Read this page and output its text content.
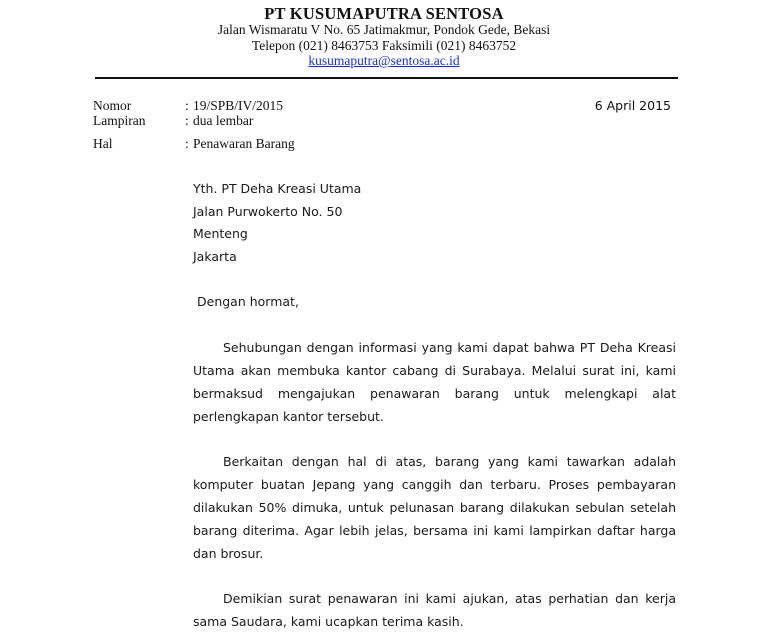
PT KUSUMAPUTRA SENTOSA
Jalan Wismaratu V No. 65 Jatimakmur, Pondok Gede, Bekasi
Telepon (021) 8463753 Faksimili (021) 8463752
kusumaputra@sentosa.ac.id
Nomor	: 19/SPB/IV/2015
Lampiran	: dua lembar
Hal	: Penawaran Barang
6 April 2015
Yth. PT Deha Kreasi Utama
Jalan Purwokerto No. 50
Menteng
Jakarta
Dengan hormat,
Sehubungan dengan informasi yang kami dapat bahwa PT Deha Kreasi Utama akan membuka kantor cabang di Surabaya. Melalui surat ini, kami bermaksud mengajukan penawaran barang untuk melengkapi alat perlengkapan kantor tersebut.
Berkaitan dengan hal di atas, barang yang kami tawarkan adalah komputer buatan Jepang yang canggih dan terbaru. Proses pembayaran dilakukan 50% dimuka, untuk pelunasan barang dilakukan sebulan setelah barang diterima. Agar lebih jelas, bersama ini kami lampirkan daftar harga dan brosur.
Demikian surat penawaran ini kami ajukan, atas perhatian dan kerja sama Saudara, kami ucapkan terima kasih.
